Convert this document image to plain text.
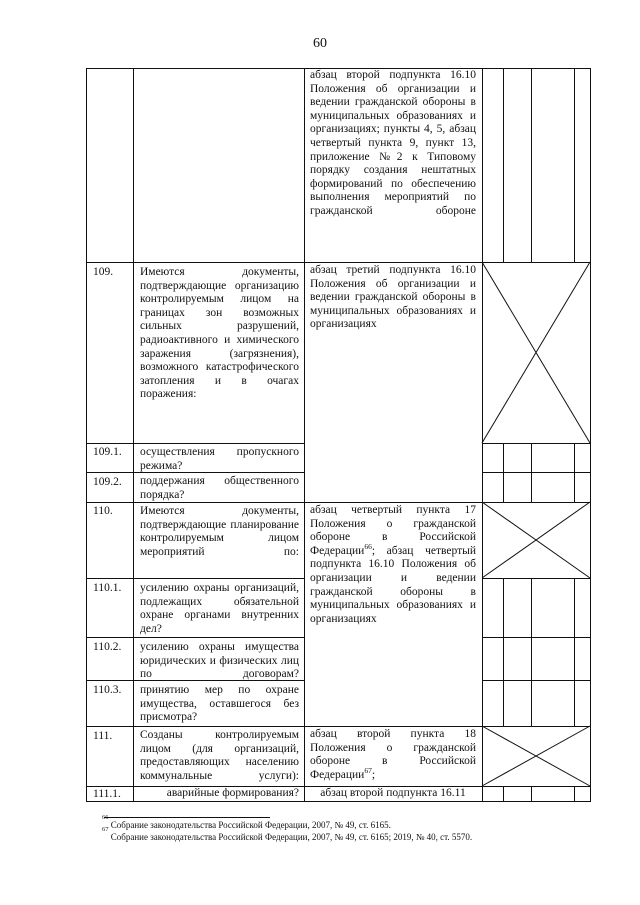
60
абзац второй подпункта 16.10 Положения об организации и ведении гражданской обороны в муниципальных образованиях и организациях; пункты 4, 5, абзац четвертый пункта 9, пункт 13, приложение №2 к Типовому порядку создания нештатных формирований по обеспечению выполнения мероприятий по гражданской обороне
109. Имеются документы, подтверждающие организацию контролируемым лицом на границах зон возможных сильных разрушений, радиоактивного и химического заражения (загрязнения), возможного катастрофического затопления и в очагах поражения:
абзац третий подпункта 16.10 Положения об организации и ведении гражданской обороны в муниципальных образованиях и организациях
109.1. осуществления пропускного режима?
109.2. поддержания общественного порядка?
110. Имеются документы, подтверждающие планирование контролируемым лицом мероприятий по:
абзац четвертый пункта 17 Положения о гражданской обороне в Российской Федерации$^{66}$; абзац четвертый подпункта 16.10 Положения об организации и ведении гражданской обороны в муниципальных образованиях и организациях
110.1. усилению охраны организаций, подлежащих обязательной охране органами внутренних дел?
110.2. усилению охраны имущества юридических и физических лиц по договорам?
110.3. принятию мер по охране имущества, оставшегося без присмотра?
111. Созданы контролируемым лицом (для организаций, предоставляющих населению коммунальные услуги):
абзац второй пункта 18 Положения о гражданской обороне в Российской Федерации$^{67}$;
111.1.	аварийные формирования?	абзац второй подпункта 16.11
$^{66}$ Собрание законодательства Российской Федерации, 2007, № 49, ст. 6165.
$^{67}$ Собрание законодательства Российской Федерации, 2007, № 49, ст. 6165; 2019, № 40, ст. 5570.
